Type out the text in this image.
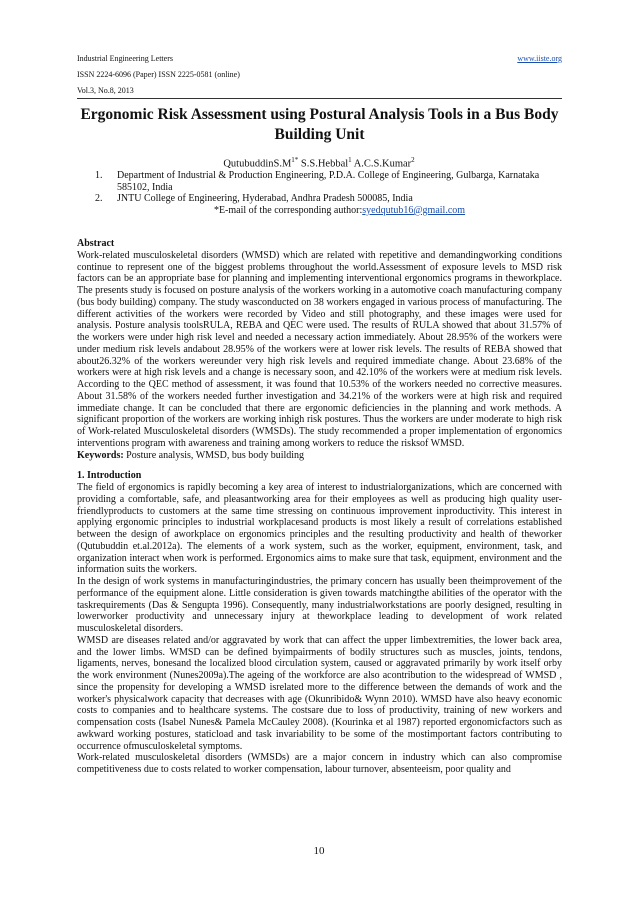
Industrial Engineering Letters	www.iiste.org
ISSN 2224-6096 (Paper) ISSN 2225-0581 (online)
Vol.3, No.8, 2013
Ergonomic Risk Assessment using Postural Analysis Tools in a Bus Body Building Unit
$QutubuddinS.M^{1*}$ S.S.Hebbal$^1$ A.C.S.Kumar$^2$
1. Department of Industrial & Production Engineering, P.D.A. College of Engineering, Gulbarga, Karnataka 585102, India
2. JNTU College of Engineering, Hyderabad, Andhra Pradesh 500085, India
*E-mail of the corresponding author:syedqutub16@gmail.com

Abstract

Work-related musculoskeletal disorders (WMSD) which are related with repetitive and demandingworking conditions continue to represent one of the biggest problems throughout the world.Assessment of exposure levels to MSD risk factors can be an appropriate base for planning and implementing interventional ergonomics programs in theworkplace. The presents study is focused on posture analysis of the workers working in a automotive coach manufacturing company (bus body building) company. The study wasconducted on 38 workers engaged in various process of manufacturing. The different activities of the workers were recorded by Video and still photography, and these images were used for analysis. Posture analysis toolsRULA, REBA and QEC were used. The results of RULA showed that about 31.57% of the workers were under high risk level and needed a necessary action immediately. About 28.95% of the workers were under medium risk levels andabout 28.95% of the workers were at lower risk levels. The results of REBA showed that about26.32% of the workers wereunder very high risk levels and required immediate change. About 23.68% of the workers were at high risk levels and a change is necessary soon, and 42.10% of the workers were at medium risk levels. According to the QEC method of assessment, it was found that 10.53% of the workers needed no corrective measures. About 31.58% of the workers needed further investigation and 34.21% of the workers were at high risk and required immediate change. It can be concluded that there are ergonomic deficiencies in the planning and work methods. A significant proportion of the workers are working inhigh risk postures. Thus the workers are under moderate to high risk of Work-related Musculoskeletal disorders (WMSDs). The study recommended a proper implementation of ergonomics interventions program with awareness and training among workers to reduce the risksof WMSD.

Keywords: Posture analysis, WMSD, bus body building

1. Introduction

The field of ergonomics is rapidly becoming a key area of interest to industrialorganizations, which are concerned with providing a comfortable, safe, and pleasantworking area for their employees as well as producing high quality user-friendlyproducts to customers at the same time stressing on continuous improvement inproductivity. This interest in applying ergonomic principles to industrial workplacesand products is most likely a result of correlations established between the design of aworkplace on ergonomics principles and the resulting productivity and health of theworker (Qutubuddin et.al.2012a). The elements of a work system, such as the worker, equipment, environment, task, and organization interact when work is performed. Ergonomics aims to make sure that task, equipment, environment and the information suits the workers.

In the design of work systems in manufacturingindustries, the primary concern has usually been theimprovement of the performance of the equipment alone. Little consideration is given towards matchingthe abilities of the operator with the taskrequirements (Das & Sengupta 1996). Consequently, many industrialworkstations are poorly designed, resulting in lowerworker productivity and unnecessary injury at theworkplace leading to development of work related musculoskeletal disorders.

WMSD are diseases related and/or aggravated by work that can affect the upper limbextremities, the lower back area, and the lower limbs. WMSD can be defined byimpairments of bodily structures such as muscles, joints, tendons, ligaments, nerves, bonesand the localized blood circulation system, caused or aggravated primarily by work itself orby the work environment (Nunes2009a).The ageing of the workforce are also acontribution to the widespread of WMSD , since the propensity for developing a WMSD isrelated more to the difference between the demands of work and the worker's physicalwork capacity that decreases with age (Okunribido& Wynn 2010). WMSD have also heavy economic costs to companies and to healthcare systems. The costsare due to loss of productivity, training of new workers and compensation costs (Isabel Nunes& Pamela McCauley 2008). (Kourinka et al 1987) reported ergonomicfactors such as awkward working postures, staticload and task invariability to be some of the mostimportant factors contributing to occurrence ofmusculoskeletal symptoms.

Work-related musculoskeletal disorders (WMSDs) are a major concern in industry which can also compromise competitiveness due to costs related to worker compensation, labour turnover, absenteeism, poor quality and

10
